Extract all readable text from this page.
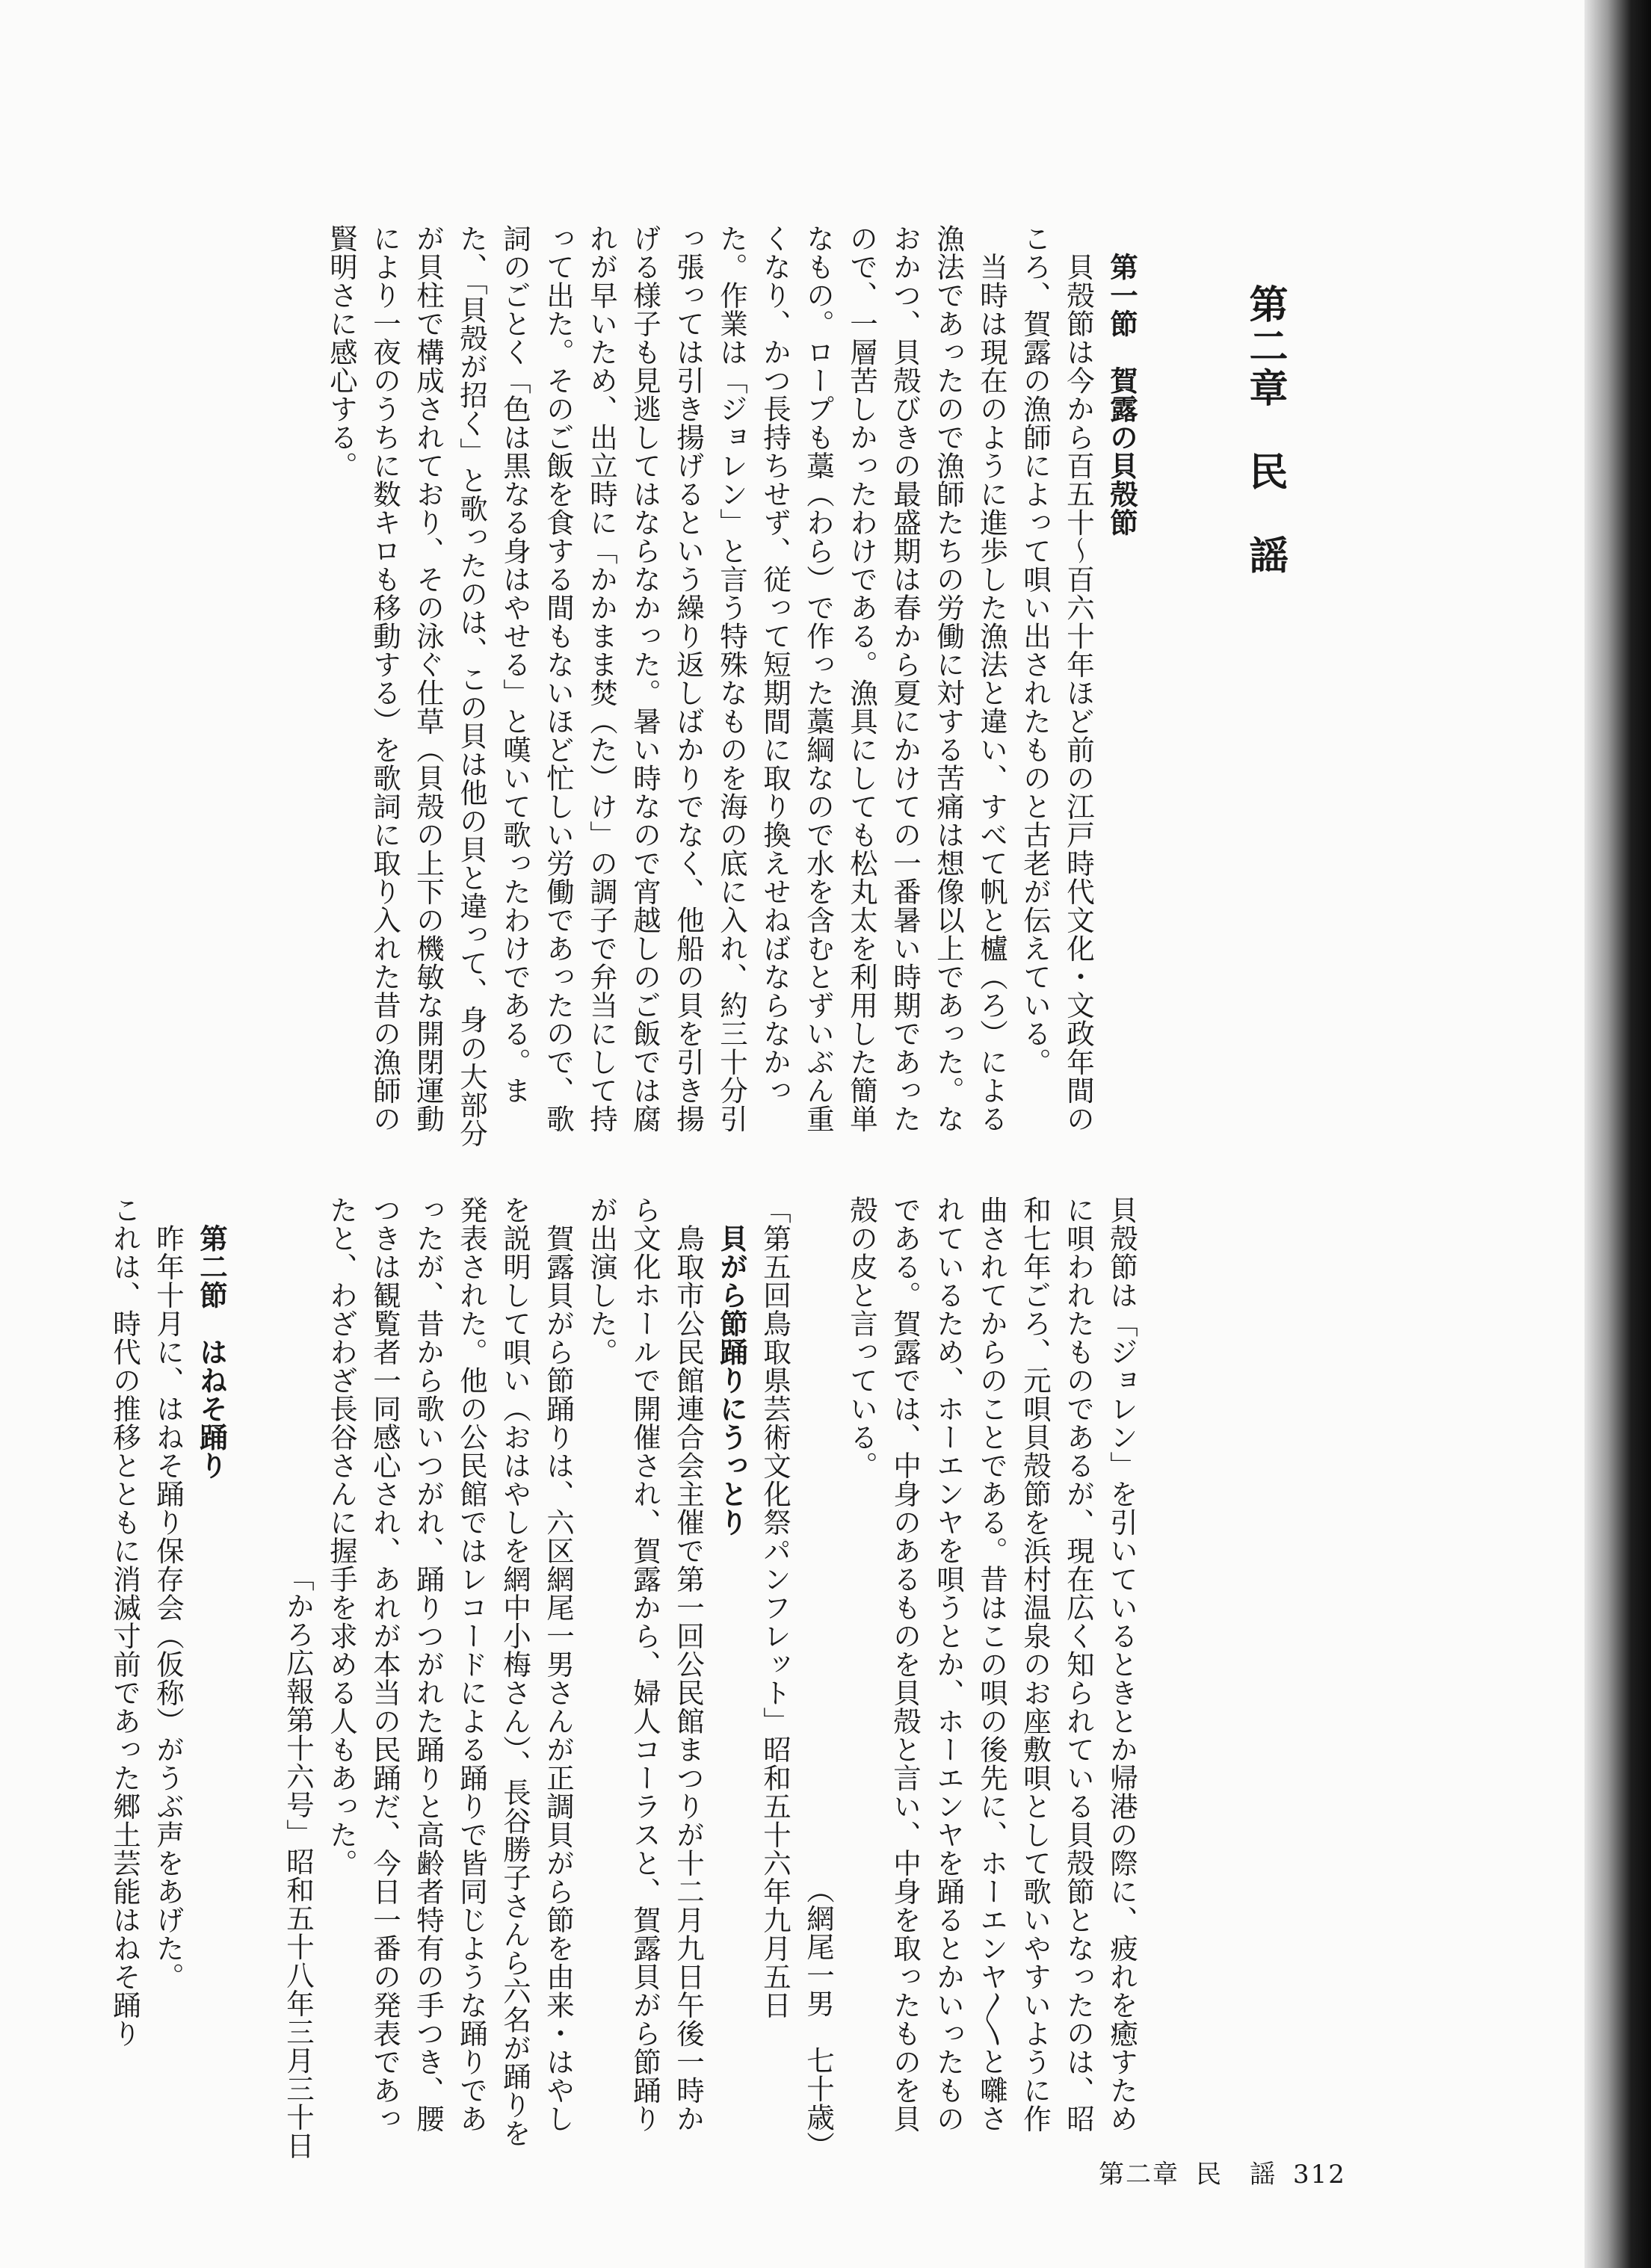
第二章　民　謡

第一節　賀露の貝殻節

貝殻節は今から百五十〜百六十年ほど前の江戸時代文化・文政年間のころ、賀露の漁師によって唄い出されたものと古老が伝えている。

当時は現在のように進歩した漁法と違い、すべて帆と櫨（ろ）による漁法であったので漁師たちの労働に対する苦痛は想像以上であった。なおかつ、貝殻びきの最盛期は春から夏にかけての一番暑い時期であったので、一層苦しかったわけである。漁具にしても松丸太を利用した簡単なもの。ロープも藁（わら）で作った藁綱なので水を含むとずいぶん重くなり、かつ長持ちせず、従って短期間に取り換えせねばならなかった。作業は「ジョレン」と言う特殊なものを海の底に入れ、約三十分引っ張っては引き揚げるという繰り返しばかりでなく、他船の貝を引き揚げる様子も見逃してはならなかった。暑い時なので宵越しのご飯では腐れが早いため、出立時に「かかまま焚（た）け」の調子で弁当にして持って出た。そのご飯を食する間もないほど忙しい労働であったので、歌詞のごとく「色は黒なる身はやせる」と嘆いて歌ったわけである。また、「貝殻が招く」と歌ったのは、この貝は他の貝と違って、身の大部分が貝柱で構成されており、その泳ぐ仕草（貝殻の上下の機敏な開閉運動により一夜のうちに数キロも移動する）を歌詞に取り入れた昔の漁師の賢明さに感心する。

貝殻節は「ジョレン」を引いているときとか帰港の際に、疲れを癒すために唄われたものであるが、現在広く知られている貝殻節となったのは、昭和七年ごろ、元唄貝殻節を浜村温泉のお座敷唄として歌いやすいように作曲されてからのことである。昔はこの唄の後先に、ホーエンヤ〳〵と囃されているため、ホーエンヤを唄うとか、ホーエンヤを踊るとかいったものである。賀露では、中身のあるものを貝殻と言い、中身を取ったものを貝殻の皮と言っている。

（網尾一男　七十歳）

「第五回鳥取県芸術文化祭パンフレット」昭和五十六年九月五日

貝がら節踊りにうっとり

鳥取市公民館連合会主催で第一回公民館まつりが十二月九日午後一時から文化ホールで開催され、賀露から、婦人コーラスと、賀露貝がら節踊りが出演した。

賀露貝がら節踊りは、六区網尾一男さんが正調貝がら節を由来・はやしを説明して唄い（おはやしを網中小梅さん）、長谷勝子さんら六名が踊りを発表された。他の公民館ではレコードによる踊りで皆同じような踊りであったが、昔から歌いつがれ、踊りつがれた踊りと高齢者特有の手つき、腰つきは観覧者一同感心され、あれが本当の民踊だ、今日一番の発表であったと、わざわざ長谷さんに握手を求める人もあった。

「かろ広報第十六号」昭和五十八年三月三十日

第二節　はねそ踊り

昨年十月に、はねそ踊り保存会（仮称）がうぶ声をあげた。

これは、時代の推移とともに消滅寸前であった郷土芸能はねそ踊り

第二章 民　謡 312
